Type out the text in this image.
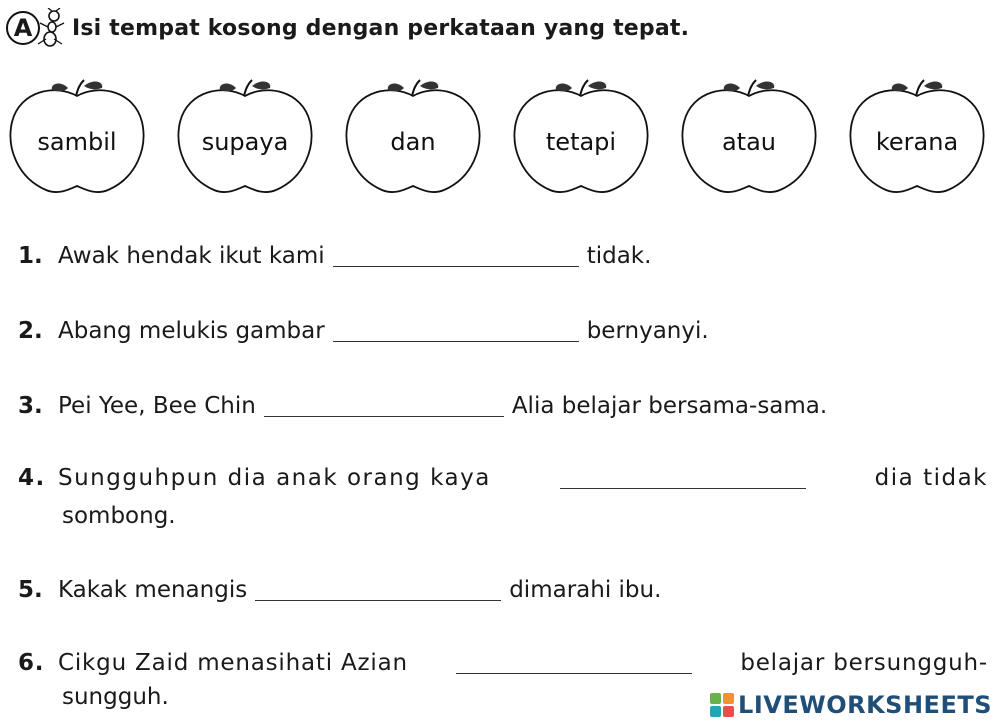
A	Isi tempat kosong dengan perkataan yang tepat.
sambil	supaya	dan	tetapi	atau	kerana
1. Awak hendak ikut kami	tidak.
2. Abang melukis gambar	bernyanyi.
3. Pei Yee, Bee Chin	Alia belajar bersama-sama.
4. Sungguhpun dia anak orang kaya	dia tidak
sombong.
5. Kakak menangis	dimarahi ibu.
6. Cikgu Zaid menasihati Azian	belajar bersungguh-
sungguh.	LIVEWORKSHEETS
